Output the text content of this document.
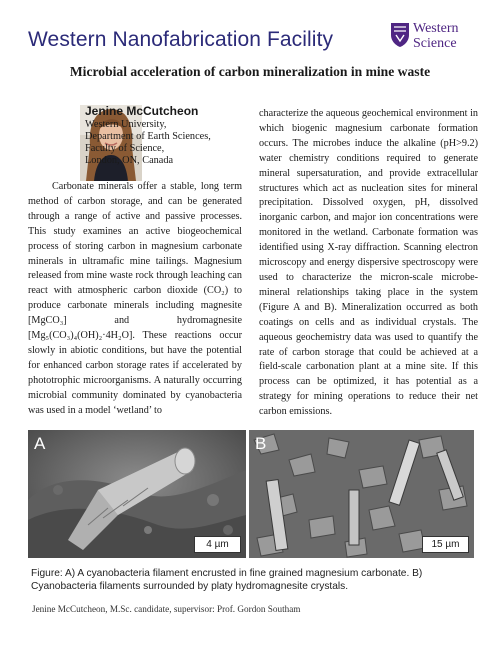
Western Nanofabrication Facility	Western
Science
Microbial acceleration of carbon mineralization in mine waste
Jenine McCutcheon
Western University,
Department of Earth Sciences,
Faculty of Science,
London, ON, Canada
Carbonate minerals offer a stable, long term method of carbon storage, and can be generated through a range of active and passive processes. This study examines an active biogeochemical process of storing carbon in magnesium carbonate minerals in ultramafic mine tailings. Magnesium released from mine waste rock through leaching can react with atmospheric carbon dioxide (CO₂) to produce carbonate minerals including magnesite [MgCO₃] and hydromagnesite [Mg₅(CO₃)₄(OH)₂·4H₂O]. These reactions occur slowly in abiotic conditions, but have the potential for enhanced carbon storage rates if accelerated by phototrophic microorganisms. A naturally occurring microbial community dominated by cyanobacteria was used in a model ‘wetland’ to
characterize the aqueous geochemical environment in which biogenic magnesium carbonate formation occurs. The microbes induce the alkaline (pH>9.2) water chemistry conditions required to generate mineral supersaturation, and provide extracellular structures which act as nucleation sites for mineral precipitation. Dissolved oxygen, pH, dissolved inorganic carbon, and major ion concentrations were monitored in the wetland. Carbonate formation was identified using X-ray diffraction. Scanning electron microscopy and energy dispersive spectroscopy were used to characterize the micron-scale microbe-mineral relationships taking place in the system (Figure A and B). Mineralization occurred as both coatings on cells and as individual crystals. The aqueous geochemistry data was used to quantify the rate of carbon storage that could be achieved at a field-scale carbonation plant at a mine site. If this process can be optimized, it has potential as a strategy for mining operations to reduce their net carbon emissions.
A
4 µm
B
15 µm
Figure: A) A cyanobacteria filament encrusted in fine grained magnesium carbonate. B) Cyanobacteria filaments surrounded by platy hydromagnesite crystals.
Jenine McCutcheon, M.Sc. candidate, supervisor: Prof. Gordon Southam
